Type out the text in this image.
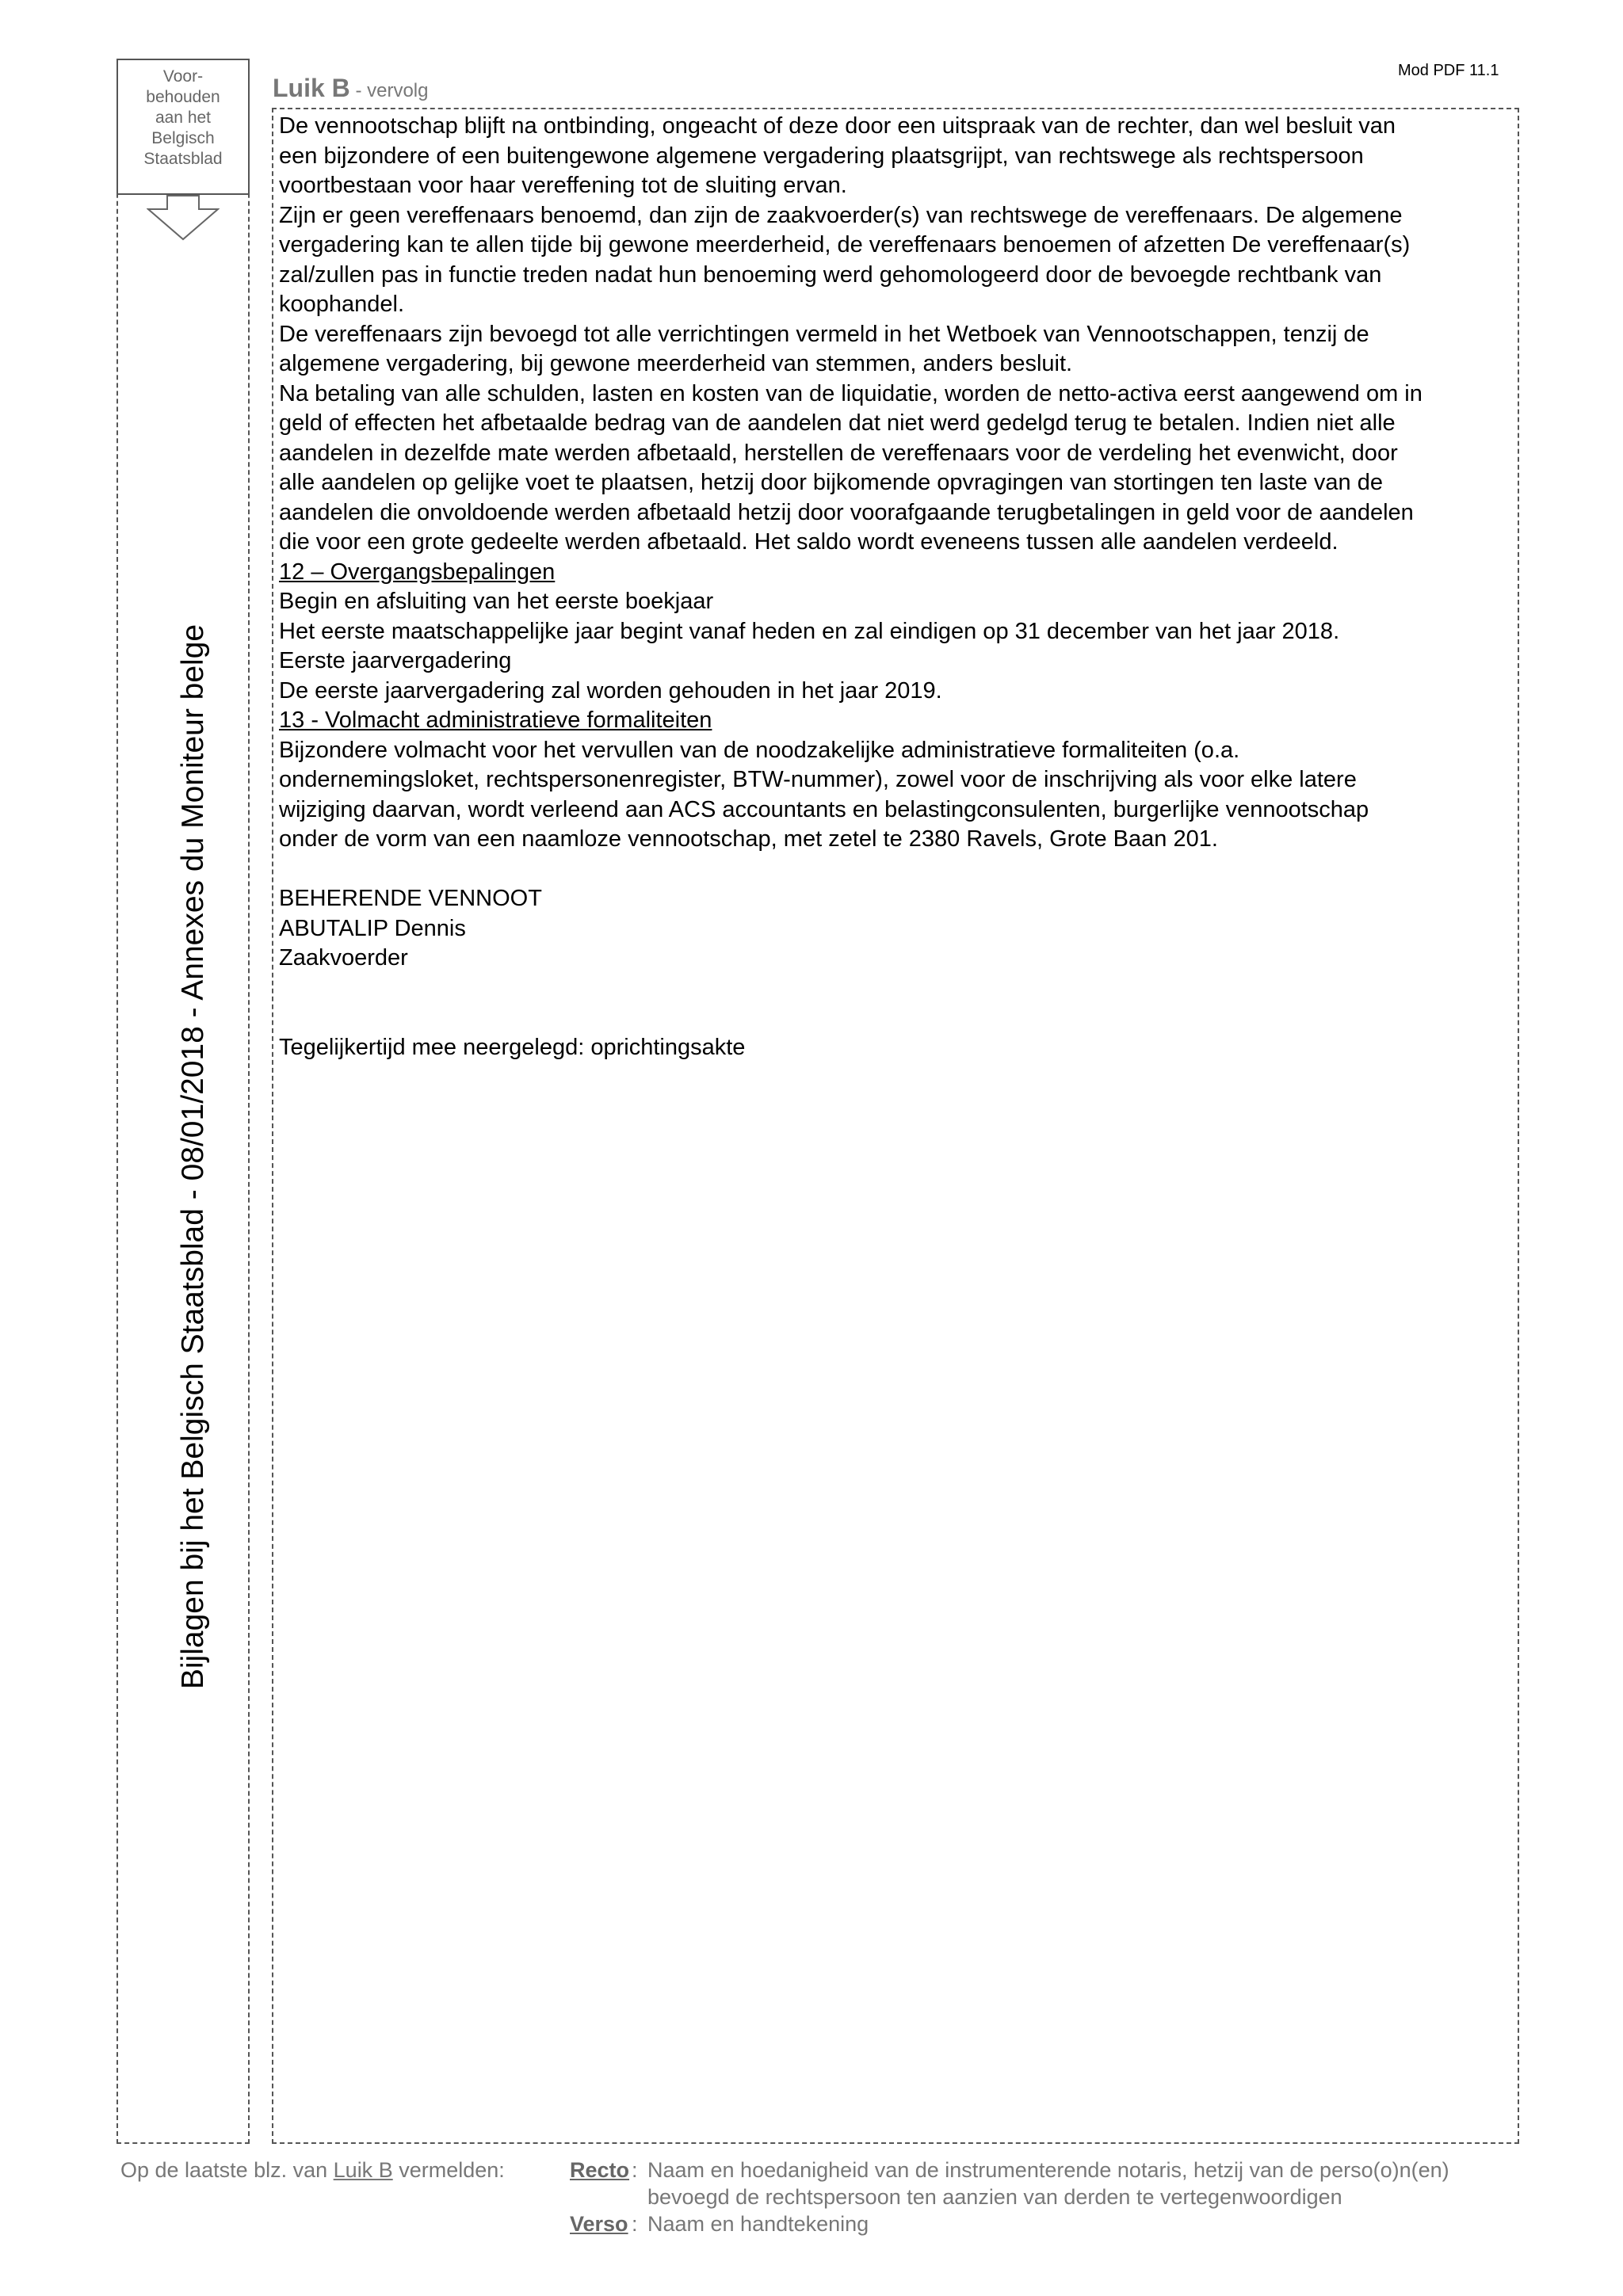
Mod PDF 11.1
Voor-
behouden
aan het
Belgisch
Staatsblad
Bijlagen bij het Belgisch Staatsblad - 08/01/2018 - Annexes du Moniteur belge
Luik B - vervolg

De vennootschap blijft na ontbinding, ongeacht of deze door een uitspraak van de rechter, dan wel besluit van

een bijzondere of een buitengewone algemene vergadering plaatsgrijpt, van rechtswege als rechtspersoon

voortbestaan voor haar vereffening tot de sluiting ervan.

Zijn er geen vereffenaars benoemd, dan zijn de zaakvoerder(s) van rechtswege de vereffenaars. De algemene

vergadering kan te allen tijde bij gewone meerderheid, de vereffenaars benoemen of afzetten De vereffenaar(s)

zal/zullen pas in functie treden nadat hun benoeming werd gehomologeerd door de bevoegde rechtbank van

koophandel.

De vereffenaars zijn bevoegd tot alle verrichtingen vermeld in het Wetboek van Vennootschappen, tenzij de

algemene vergadering, bij gewone meerderheid van stemmen, anders besluit.

Na betaling van alle schulden, lasten en kosten van de liquidatie, worden de netto-activa eerst aangewend om in

geld of effecten het afbetaalde bedrag van de aandelen dat niet werd gedelgd terug te betalen. Indien niet alle

aandelen in dezelfde mate werden afbetaald, herstellen de vereffenaars voor de verdeling het evenwicht, door

alle aandelen op gelijke voet te plaatsen, hetzij door bijkomende opvragingen van stortingen ten laste van de

aandelen die onvoldoende werden afbetaald hetzij door voorafgaande terugbetalingen in geld voor de aandelen

die voor een grote gedeelte werden afbetaald. Het saldo wordt eveneens tussen alle aandelen verdeeld.

12 – Overgangsbepalingen

Begin en afsluiting van het eerste boekjaar

Het eerste maatschappelijke jaar begint vanaf heden en zal eindigen op 31 december van het jaar 2018.

Eerste jaarvergadering

De eerste jaarvergadering zal worden gehouden in het jaar 2019.

13 - Volmacht administratieve formaliteiten

Bijzondere volmacht voor het vervullen van de noodzakelijke administratieve formaliteiten (o.a.

ondernemingsloket, rechtspersonenregister, BTW-nummer), zowel voor de inschrijving als voor elke latere

wijziging daarvan, wordt verleend aan ACS accountants en belastingconsulenten, burgerlijke vennootschap

onder de vorm van een naamloze vennootschap, met zetel te 2380 Ravels, Grote Baan 201.

BEHERENDE VENNOOT

ABUTALIP Dennis

Zaakvoerder

Tegelijkertijd mee neergelegd: oprichtingsakte

Op de laatste blz. van Luik B vermelden:	Recto : Naam en hoedanigheid van de instrumenterende notaris, hetzij van de perso(o)n(en)
bevoegd de rechtspersoon ten aanzien van derden te vertegenwoordigen
Verso : Naam en handtekening
